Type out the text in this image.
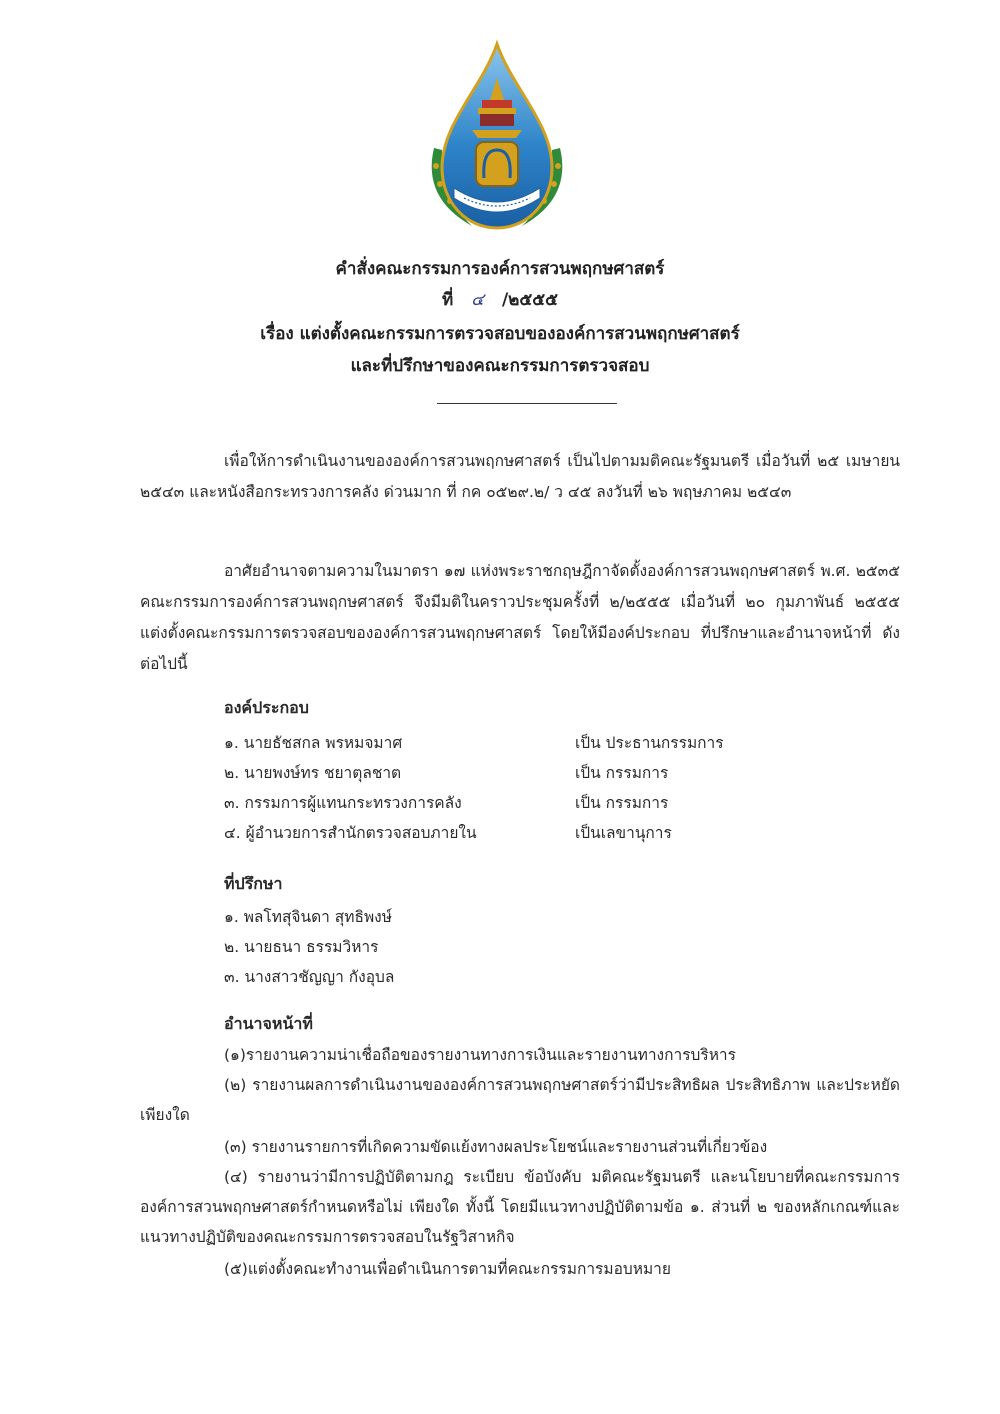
คำสั่งคณะกรรมการองค์การสวนพฤกษศาสตร์
ที่ ๔ /๒๕๕๕
เรื่อง แต่งตั้งคณะกรรมการตรวจสอบขององค์การสวนพฤกษศาสตร์
และที่ปรึกษาของคณะกรรมการตรวจสอบ
เพื่อให้การดำเนินงานขององค์การสวนพฤกษศาสตร์ เป็นไปตามมติคณะรัฐมนตรี เมื่อวันที่ ๒๕ เมษายน ๒๕๔๓ และหนังสือกระทรวงการคลัง ด่วนมาก ที่ กค ๐๕๒๙.๒/ ว ๔๕ ลงวันที่ ๒๖ พฤษภาคม ๒๕๔๓
อาศัยอำนาจตามความในมาตรา ๑๗ แห่งพระราชกฤษฎีกาจัดตั้งองค์การสวนพฤกษศาสตร์ พ.ศ. ๒๕๓๕ คณะกรรมการองค์การสวนพฤกษศาสตร์ จึงมีมติในคราวประชุมครั้งที่ ๒/๒๕๕๕ เมื่อวันที่ ๒๐ กุมภาพันธ์ ๒๕๕๕ แต่งตั้งคณะกรรมการตรวจสอบขององค์การสวนพฤกษศาสตร์ โดยให้มีองค์ประกอบ ที่ปรึกษาและอำนาจหน้าที่ ดังต่อไปนี้
องค์ประกอบ
๑. นายธัชสกล พรหมจมาศ	เป็น ประธานกรรมการ
๒. นายพงษ์ทร ชยาตุลชาต	เป็น กรรมการ
๓. กรรมการผู้แทนกระทรวงการคลัง	เป็น กรรมการ
๔. ผู้อำนวยการสำนักตรวจสอบภายใน	เป็นเลขานุการ
ที่ปรึกษา
๑. พลโทสุจินดา สุทธิพงษ์
๒. นายธนา ธรรมวิหาร
๓. นางสาวชัญญา กังอุบล
อำนาจหน้าที่
(๑)รายงานความน่าเชื่อถือของรายงานทางการเงินและรายงานทางการบริหาร
(๒) รายงานผลการดำเนินงานขององค์การสวนพฤกษศาสตร์ว่ามีประสิทธิผล ประสิทธิภาพ และประหยัดเพียงใด
(๓) รายงานรายการที่เกิดความขัดแย้งทางผลประโยชน์และรายงานส่วนที่เกี่ยวข้อง
(๔) รายงานว่ามีการปฏิบัติตามกฎ ระเบียบ ข้อบังคับ มติคณะรัฐมนตรี และนโยบายที่คณะกรรมการองค์การสวนพฤกษศาสตร์กำหนดหรือไม่ เพียงใด ทั้งนี้ โดยมีแนวทางปฏิบัติตามข้อ ๑. ส่วนที่ ๒ ของหลักเกณฑ์และแนวทางปฏิบัติของคณะกรรมการตรวจสอบในรัฐวิสาหกิจ
(๕)แต่งตั้งคณะทำงานเพื่อดำเนินการตามที่คณะกรรมการมอบหมาย
